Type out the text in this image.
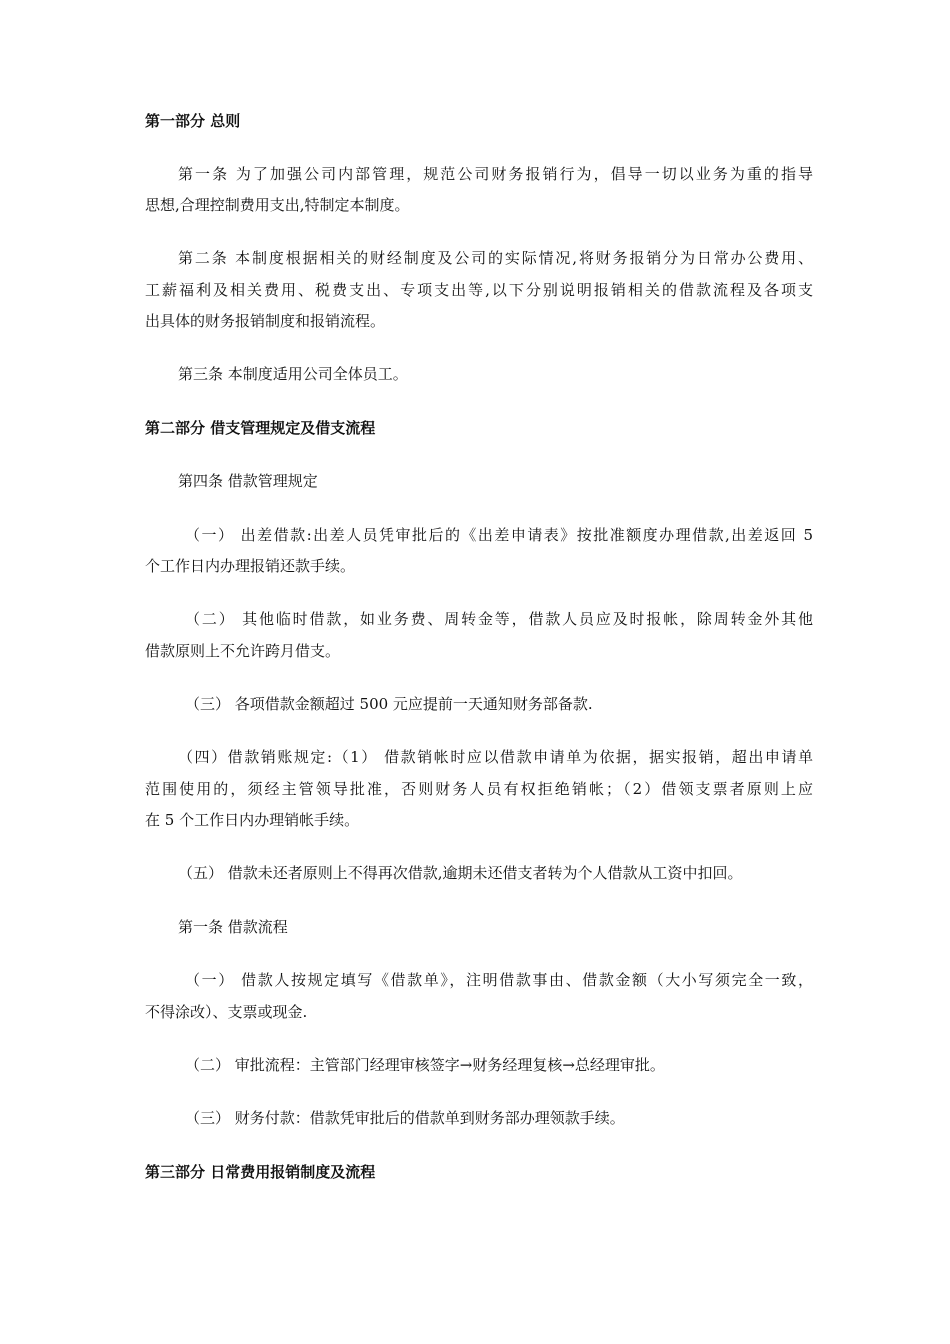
第一部分 总则
第一条 为了加强公司内部管理，规范公司财务报销行为，倡导一切以业务为重的指导
思想,合理控制费用支出,特制定本制度。
第二条 本制度根据相关的财经制度及公司的实际情况,将财务报销分为日常办公费用、
工薪福利及相关费用、税费支出、专项支出等,以下分别说明报销相关的借款流程及各项支
出具体的财务报销制度和报销流程。
第三条 本制度适用公司全体员工。
第二部分 借支管理规定及借支流程
第四条 借款管理规定
（一） 出差借款:出差人员凭审批后的《出差申请表》按批准额度办理借款,出差返回 5
个工作日内办理报销还款手续。
（二） 其他临时借款，如业务费、周转金等，借款人员应及时报帐，除周转金外其他
借款原则上不允许跨月借支。
（三） 各项借款金额超过 500 元应提前一天通知财务部备款.
（四）借款销账规定:（1） 借款销帐时应以借款申请单为依据，据实报销，超出申请单
范围使用的，须经主管领导批准，否则财务人员有权拒绝销帐；（2）借领支票者原则上应
在 5 个工作日内办理销帐手续。
（五） 借款未还者原则上不得再次借款,逾期未还借支者转为个人借款从工资中扣回。
第一条 借款流程
（一） 借款人按规定填写《借款单》，注明借款事由、借款金额（大小写须完全一致，
不得涂改）、支票或现金.
（二） 审批流程：主管部门经理审核签字→财务经理复核→总经理审批。
（三） 财务付款：借款凭审批后的借款单到财务部办理领款手续。
第三部分 日常费用报销制度及流程
